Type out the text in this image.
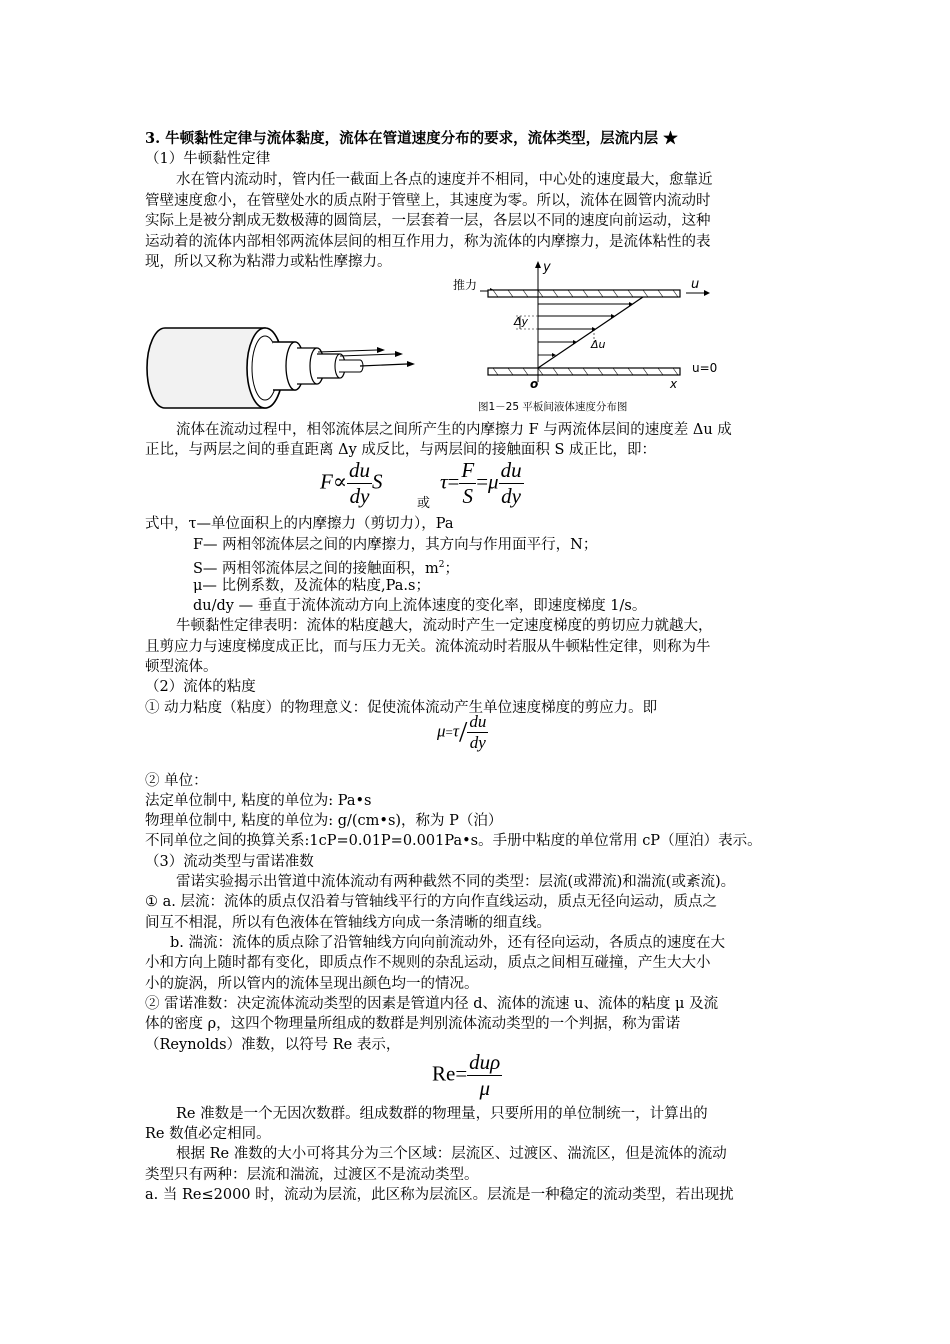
3. 牛顿黏性定律与流体黏度，流体在管道速度分布的要求，流体类型，层流内层 ★
（1）牛顿黏性定律
水在管内流动时，管内任一截面上各点的速度并不相同，中心处的速度最大，愈靠近
管壁速度愈小，在管壁处水的质点附于管壁上，其速度为零。所以，流体在圆管内流动时
实际上是被分割成无数极薄的圆筒层，一层套着一层，各层以不同的速度向前运动，这种
运动着的流体内部相邻两流体层间的相互作用力，称为流体的内摩擦力，是流体粘性的表
现，所以又称为粘滞力或粘性摩擦力。
推力	u
u=0
y
o	x
Δy
Δu
图1－25 平板间液体速度分布图
流体在流动过程中，相邻流体层之间所产生的内摩擦力 F 与两流体层间的速度差 Δu 成
正比，与两层之间的垂直距离 Δy 成反比，与两层间的接触面积 S 成正比，即：
$F\propto \frac{du}{dy}$ S
或
$\tau= \frac{F}{S} =\mu \frac{du}{dy}$
式中，τ—单位面积上的内摩擦力（剪切力），Pa
F— 两相邻流体层之间的内摩擦力，其方向与作用面平行，N；
S— 两相邻流体层之间的接触面积，$m^2$；
μ— 比例系数，及流体的粘度,Pa.s；
du/dy — 垂直于流体流动方向上流体速度的变化率，即速度梯度 1/s。
牛顿黏性定律表明：流体的粘度越大，流动时产生一定速度梯度的剪切应力就越大，
且剪应力与速度梯度成正比，而与压力无关。流体流动时若服从牛顿粘性定律，则称为牛
顿型流体。
（2）流体的粘度
① 动力粘度（粘度）的物理意义：促使流体流动产生单位速度梯度的剪应力。即
$\mu=\tau/ \frac{du}{dy}$
② 单位：
法定单位制中, 粘度的单位为: Pa•s
物理单位制中, 粘度的单位为: g/(cm•s)，称为 P（泊）
不同单位之间的换算关系:1cP=0.01P=0.001Pa•s。手册中粘度的单位常用 cP（厘泊）表示。
（3）流动类型与雷诺准数
雷诺实验揭示出管道中流体流动有两种截然不同的类型：层流(或滞流)和湍流(或紊流)。
① a. 层流：流体的质点仅沿着与管轴线平行的方向作直线运动，质点无径向运动，质点之
间互不相混，所以有色液体在管轴线方向成一条清晰的细直线。
b. 湍流：流体的质点除了沿管轴线方向向前流动外，还有径向运动，各质点的速度在大
小和方向上随时都有变化，即质点作不规则的杂乱运动，质点之间相互碰撞，产生大大小
小的旋涡，所以管内的流体呈现出颜色均一的情况。
② 雷诺准数：决定流体流动类型的因素是管道内径 d、流体的流速 u、流体的粘度 μ 及流
体的密度 ρ，这四个物理量所组成的数群是判别流体流动类型的一个判据，称为雷诺
（Reynolds）准数，以符号 Re 表示，
$Re= \frac{\text{duρ}}{\mu}$
Re 准数是一个无因次数群。组成数群的物理量，只要所用的单位制统一，计算出的
Re 数值必定相同。
根据 Re 准数的大小可将其分为三个区域：层流区、过渡区、湍流区，但是流体的流动
类型只有两种：层流和湍流，过渡区不是流动类型。
a. 当 Re≤2000 时，流动为层流，此区称为层流区。层流是一种稳定的流动类型，若出现扰
